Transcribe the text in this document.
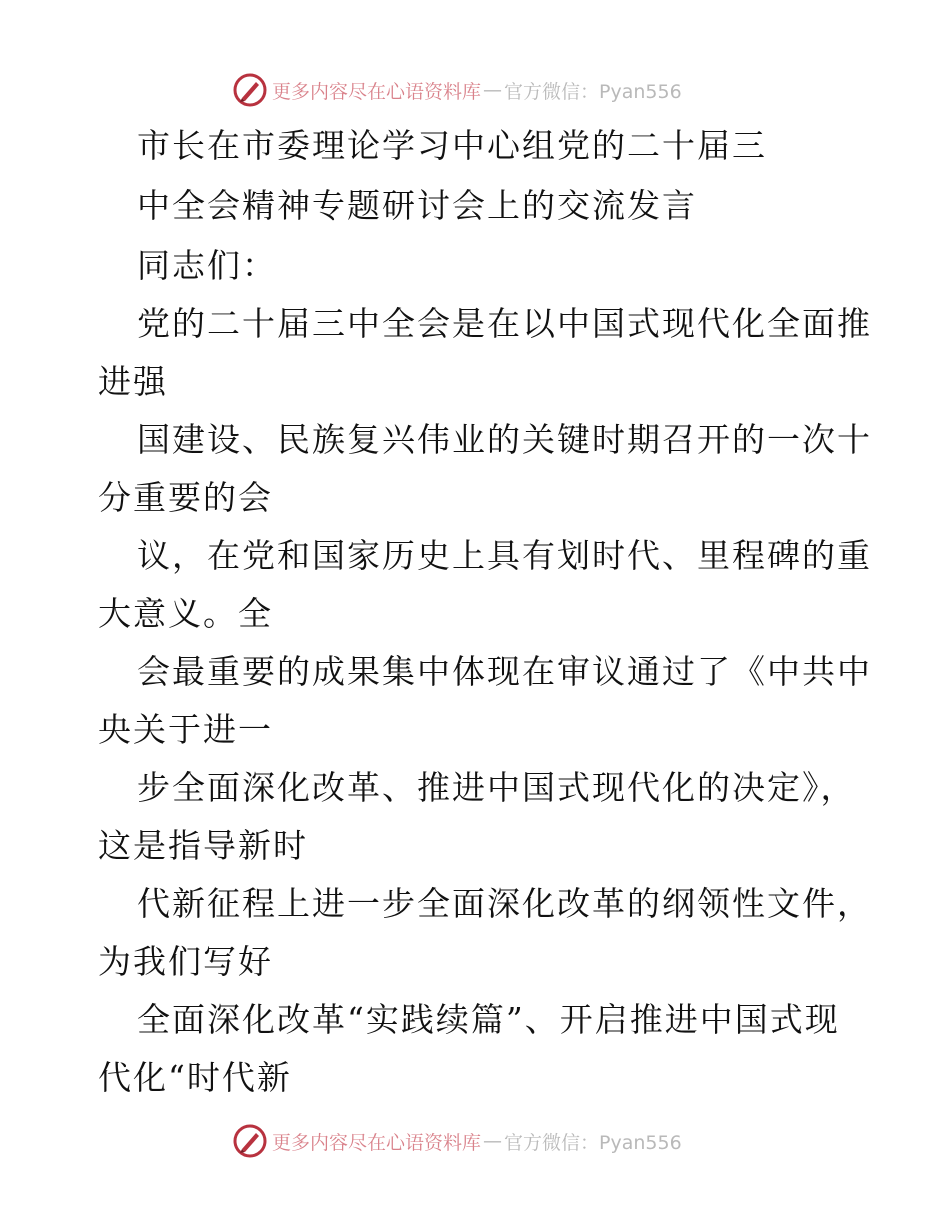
更多内容尽在心语资料库 — 官方微信：Pyan556
市长在市委理论学习中心组党的二十届三
中全会精神专题研讨会上的交流发言
同志们：
党的二十届三中全会是在以中国式现代化全面推
进强
国建设、民族复兴伟业的关键时期召开的一次十
分重要的会
议，在党和国家历史上具有划时代、里程碑的重
大意义。全
会最重要的成果集中体现在审议通过了《中共中
央关于进一
步全面深化改革、推进中国式现代化的决定》，
这是指导新时
代新征程上进一步全面深化改革的纲领性文件，
为我们写好
全面深化改革“实践续篇”、开启推进中国式现
代化“时代新
更多内容尽在心语资料库 — 官方微信：Pyan556
